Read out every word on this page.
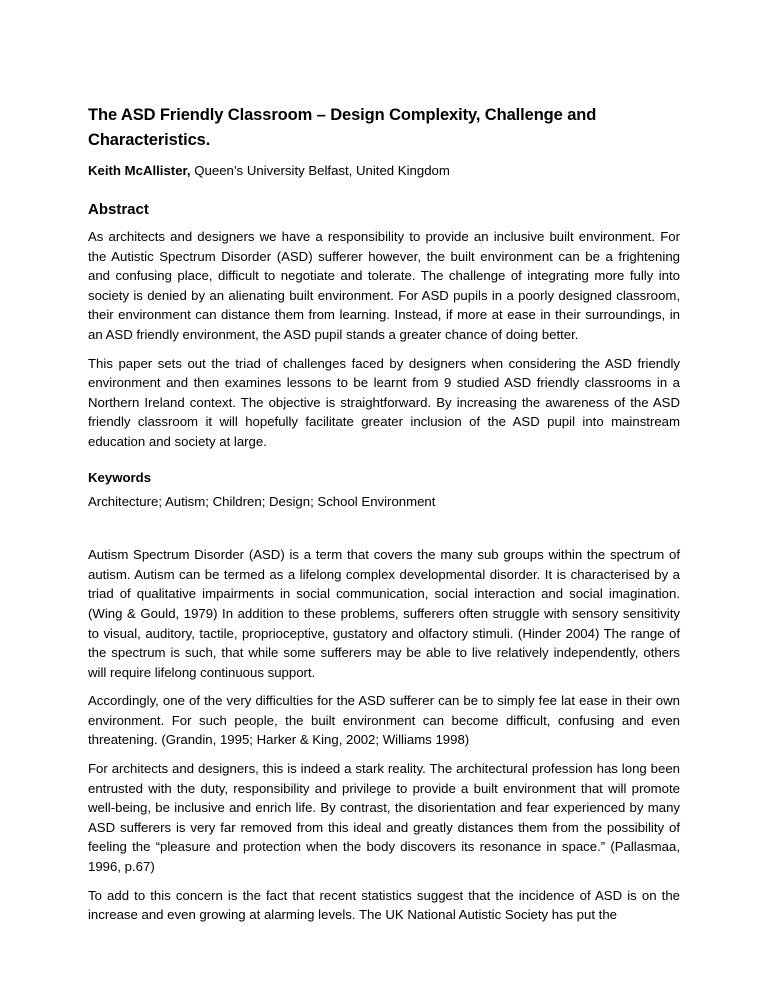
The ASD Friendly Classroom – Design Complexity, Challenge and Characteristics.

Keith McAllister, Queen’s University Belfast, United Kingdom

Abstract

As architects and designers we have a responsibility to provide an inclusive built environment. For the Autistic Spectrum Disorder (ASD) sufferer however, the built environment can be a frightening and confusing place, difficult to negotiate and tolerate. The challenge of integrating more fully into society is denied by an alienating built environment. For ASD pupils in a poorly designed classroom, their environment can distance them from learning. Instead, if more at ease in their surroundings, in an ASD friendly environment, the ASD pupil stands a greater chance of doing better.

This paper sets out the triad of challenges faced by designers when considering the ASD friendly environment and then examines lessons to be learnt from 9 studied ASD friendly classrooms in a Northern Ireland context. The objective is straightforward. By increasing the awareness of the ASD friendly classroom it will hopefully facilitate greater inclusion of the ASD pupil into mainstream education and society at large.

Keywords

Architecture; Autism; Children; Design; School Environment

Autism Spectrum Disorder (ASD) is a term that covers the many sub groups within the spectrum of autism. Autism can be termed as a lifelong complex developmental disorder. It is characterised by a triad of qualitative impairments in social communication, social interaction and social imagination. (Wing & Gould, 1979) In addition to these problems, sufferers often struggle with sensory sensitivity to visual, auditory, tactile, proprioceptive, gustatory and olfactory stimuli. (Hinder 2004) The range of the spectrum is such, that while some sufferers may be able to live relatively independently, others will require lifelong continuous support.

Accordingly, one of the very difficulties for the ASD sufferer can be to simply fee lat ease in their own environment. For such people, the built environment can become difficult, confusing and even threatening. (Grandin, 1995; Harker & King, 2002; Williams 1998)

For architects and designers, this is indeed a stark reality. The architectural profession has long been entrusted with the duty, responsibility and privilege to provide a built environment that will promote well-being, be inclusive and enrich life. By contrast, the disorientation and fear experienced by many ASD sufferers is very far removed from this ideal and greatly distances them from the possibility of feeling the “pleasure and protection when the body discovers its resonance in space.” (Pallasmaa, 1996, p.67)

To add to this concern is the fact that recent statistics suggest that the incidence of ASD is on the increase and even growing at alarming levels. The UK National Autistic Society has put the
